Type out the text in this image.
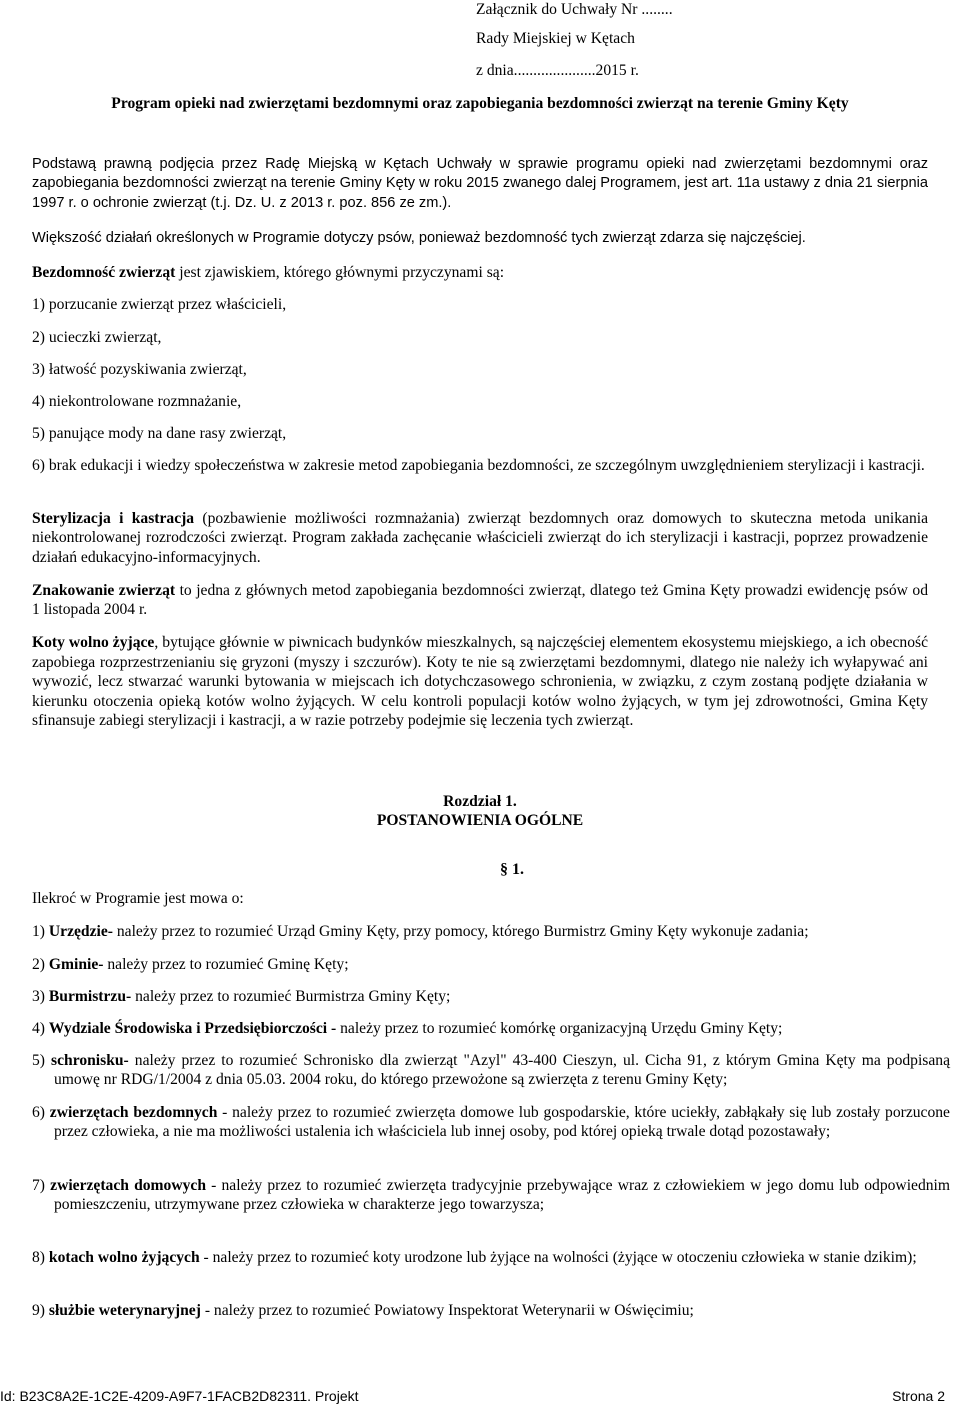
Załącznik do Uchwały Nr ........
Rady Miejskiej w Kętach
z dnia.....................2015 r.
Program opieki nad zwierzętami bezdomnymi oraz zapobiegania bezdomności zwierząt na terenie Gminy Kęty
Podstawą prawną podjęcia przez Radę Miejską w Kętach Uchwały w sprawie programu opieki nad zwierzętami bezdomnymi oraz zapobiegania bezdomności zwierząt na terenie Gminy Kęty w roku 2015 zwanego dalej Programem, jest art. 11a ustawy z dnia 21 sierpnia 1997 r. o ochronie zwierząt (t.j. Dz. U. z 2013 r. poz. 856 ze zm.).
Większość działań określonych w Programie dotyczy psów, ponieważ bezdomność tych zwierząt zdarza się najczęściej.
Bezdomność zwierząt jest zjawiskiem, którego głównymi przyczynami są:
1) porzucanie zwierząt przez właścicieli,
2) ucieczki zwierząt,
3) łatwość pozyskiwania zwierząt,
4) niekontrolowane rozmnażanie,
5) panujące mody na dane rasy zwierząt,
6) brak edukacji i wiedzy społeczeństwa w zakresie metod zapobiegania bezdomności, ze szczególnym uwzględnieniem sterylizacji i kastracji.
Sterylizacja i kastracja (pozbawienie możliwości rozmnażania) zwierząt bezdomnych oraz domowych to skuteczna metoda unikania niekontrolowanej rozrodczości zwierząt. Program zakłada zachęcanie właścicieli zwierząt do ich sterylizacji i kastracji, poprzez prowadzenie działań edukacyjno-informacyjnych.
Znakowanie zwierząt to jedna z głównych metod zapobiegania bezdomności zwierząt, dlatego też Gmina Kęty prowadzi ewidencję psów od 1 listopada 2004 r.
Koty wolno żyjące, bytujące głównie w piwnicach budynków mieszkalnych, są najczęściej elementem ekosystemu miejskiego, a ich obecność zapobiega rozprzestrzenianiu się gryzoni (myszy i szczurów). Koty te nie są zwierzętami bezdomnymi, dlatego nie należy ich wyłapywać ani wywozić, lecz stwarzać warunki bytowania w miejscach ich dotychczasowego schronienia, w związku, z czym zostaną podjęte działania w kierunku otoczenia opieką kotów wolno żyjących. W celu kontroli populacji kotów wolno żyjących, w tym jej zdrowotności, Gmina Kęty sfinansuje zabiegi sterylizacji i kastracji, a w razie potrzeby podejmie się leczenia tych zwierząt.
Rozdział 1.
POSTANOWIENIA OGÓLNE
Ilekroć w Programie jest mowa o:
§ 1.
1) Urzędzie- należy przez to rozumieć Urząd Gminy Kęty, przy pomocy, którego Burmistrz Gminy Kęty wykonuje zadania;
2) Gminie- należy przez to rozumieć Gminę Kęty;
3) Burmistrzu- należy przez to rozumieć Burmistrza Gminy Kęty;
4) Wydziale Środowiska i Przedsiębiorczości - należy przez to rozumieć komórkę organizacyjną Urzędu Gminy Kęty;
5) schronisku- należy przez to rozumieć Schronisko dla zwierząt "Azyl" 43-400 Cieszyn, ul. Cicha 91, z którym Gmina Kęty ma podpisaną umowę nr RDG/1/2004 z dnia 05.03. 2004 roku, do którego przewożone są zwierzęta z terenu Gminy Kęty;
6) zwierzętach bezdomnych - należy przez to rozumieć zwierzęta domowe lub gospodarskie, które uciekły, zabłąkały się lub zostały porzucone przez człowieka, a nie ma możliwości ustalenia ich właściciela lub innej osoby, pod której opieką trwale dotąd pozostawały;
7) zwierzętach domowych - należy przez to rozumieć zwierzęta tradycyjnie przebywające wraz z człowiekiem w jego domu lub odpowiednim pomieszczeniu, utrzymywane przez człowieka w charakterze jego towarzysza;
8) kotach wolno żyjących - należy przez to rozumieć koty urodzone lub żyjące na wolności (żyjące w otoczeniu człowieka w stanie dzikim);
9) służbie weterynaryjnej - należy przez to rozumieć Powiatowy Inspektorat Weterynarii w Oświęcimiu;
Id: B23C8A2E-1C2E-4209-A9F7-1FACB2D82311. Projekt	Strona 2
